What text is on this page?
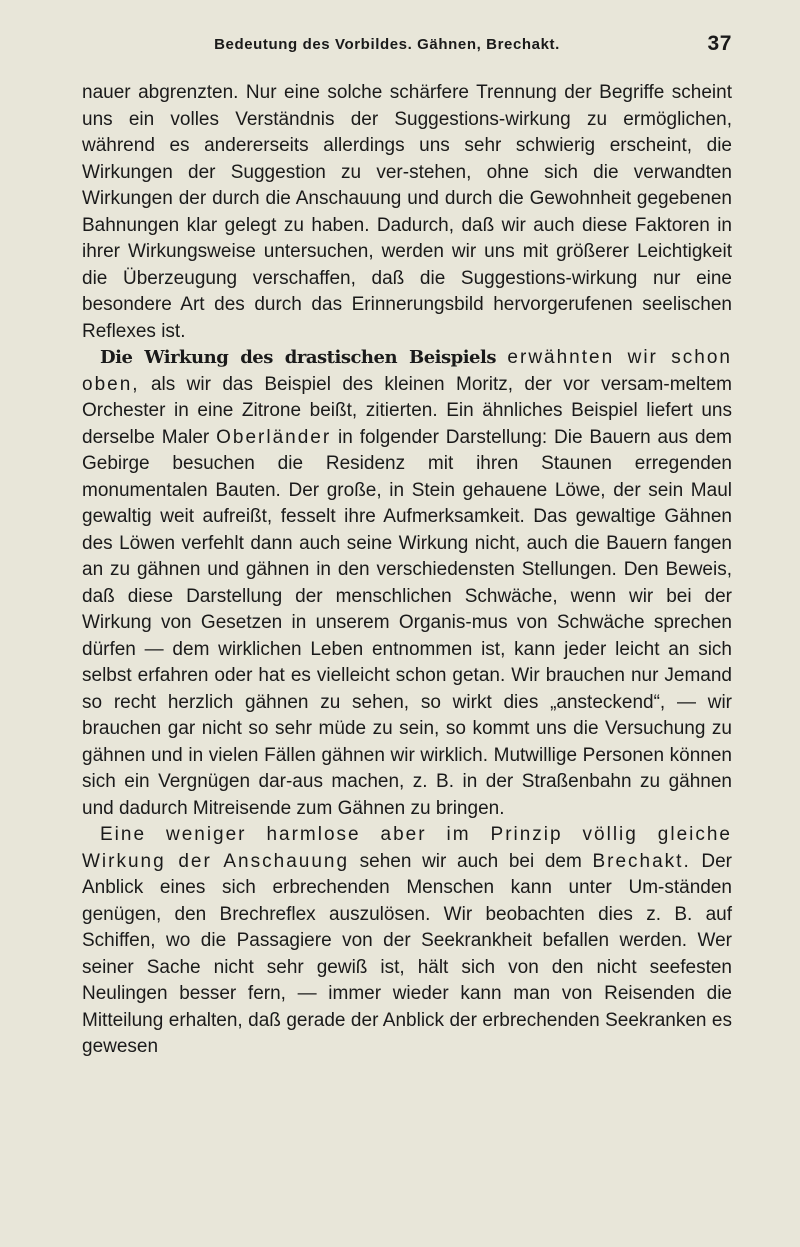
Bedeutung des Vorbildes. Gähnen, Brechakt.	37

nauer abgrenzten. Nur eine solche schärfere Trennung der Begriffe scheint uns ein volles Verständnis der Suggestions-wirkung zu ermöglichen, während es andererseits allerdings uns sehr schwierig erscheint, die Wirkungen der Suggestion zu ver-stehen, ohne sich die verwandten Wirkungen der durch die Anschauung und durch die Gewohnheit gegebenen Bahnungen klar gelegt zu haben. Dadurch, daß wir auch diese Faktoren in ihrer Wirkungsweise untersuchen, werden wir uns mit größerer Leichtigkeit die Überzeugung verschaffen, daß die Suggestions-wirkung nur eine besondere Art des durch das Erinnerungsbild hervorgerufenen seelischen Reflexes ist.

Die Wirkung des drastischen Beispiels erwähnten wir schon oben, als wir das Beispiel des kleinen Moritz, der vor versam-meltem Orchester in eine Zitrone beißt, zitierten. Ein ähnliches Beispiel liefert uns derselbe Maler Oberländer in folgender Darstellung: Die Bauern aus dem Gebirge besuchen die Residenz mit ihren Staunen erregenden monumentalen Bauten. Der große, in Stein gehauene Löwe, der sein Maul gewaltig weit aufreißt, fesselt ihre Aufmerksamkeit. Das gewaltige Gähnen des Löwen verfehlt dann auch seine Wirkung nicht, auch die Bauern fangen an zu gähnen und gähnen in den verschiedensten Stellungen. Den Beweis, daß diese Darstellung der menschlichen Schwäche, wenn wir bei der Wirkung von Gesetzen in unserem Organis-mus von Schwäche sprechen dürfen — dem wirklichen Leben entnommen ist, kann jeder leicht an sich selbst erfahren oder hat es vielleicht schon getan. Wir brauchen nur Jemand so recht herzlich gähnen zu sehen, so wirkt dies „ansteckend“, — wir brauchen gar nicht so sehr müde zu sein, so kommt uns die Versuchung zu gähnen und in vielen Fällen gähnen wir wirklich. Mutwillige Personen können sich ein Vergnügen dar-aus machen, z. B. in der Straßenbahn zu gähnen und dadurch Mitreisende zum Gähnen zu bringen.

Eine weniger harmlose aber im Prinzip völlig gleiche Wirkung der Anschauung sehen wir auch bei dem Brechakt. Der Anblick eines sich erbrechenden Menschen kann unter Um-ständen genügen, den Brechreflex auszulösen. Wir beobachten dies z. B. auf Schiffen, wo die Passagiere von der Seekrankheit befallen werden. Wer seiner Sache nicht sehr gewiß ist, hält sich von den nicht seefesten Neulingen besser fern, — immer wieder kann man von Reisenden die Mitteilung erhalten, daß gerade der Anblick der erbrechenden Seekranken es gewesen
